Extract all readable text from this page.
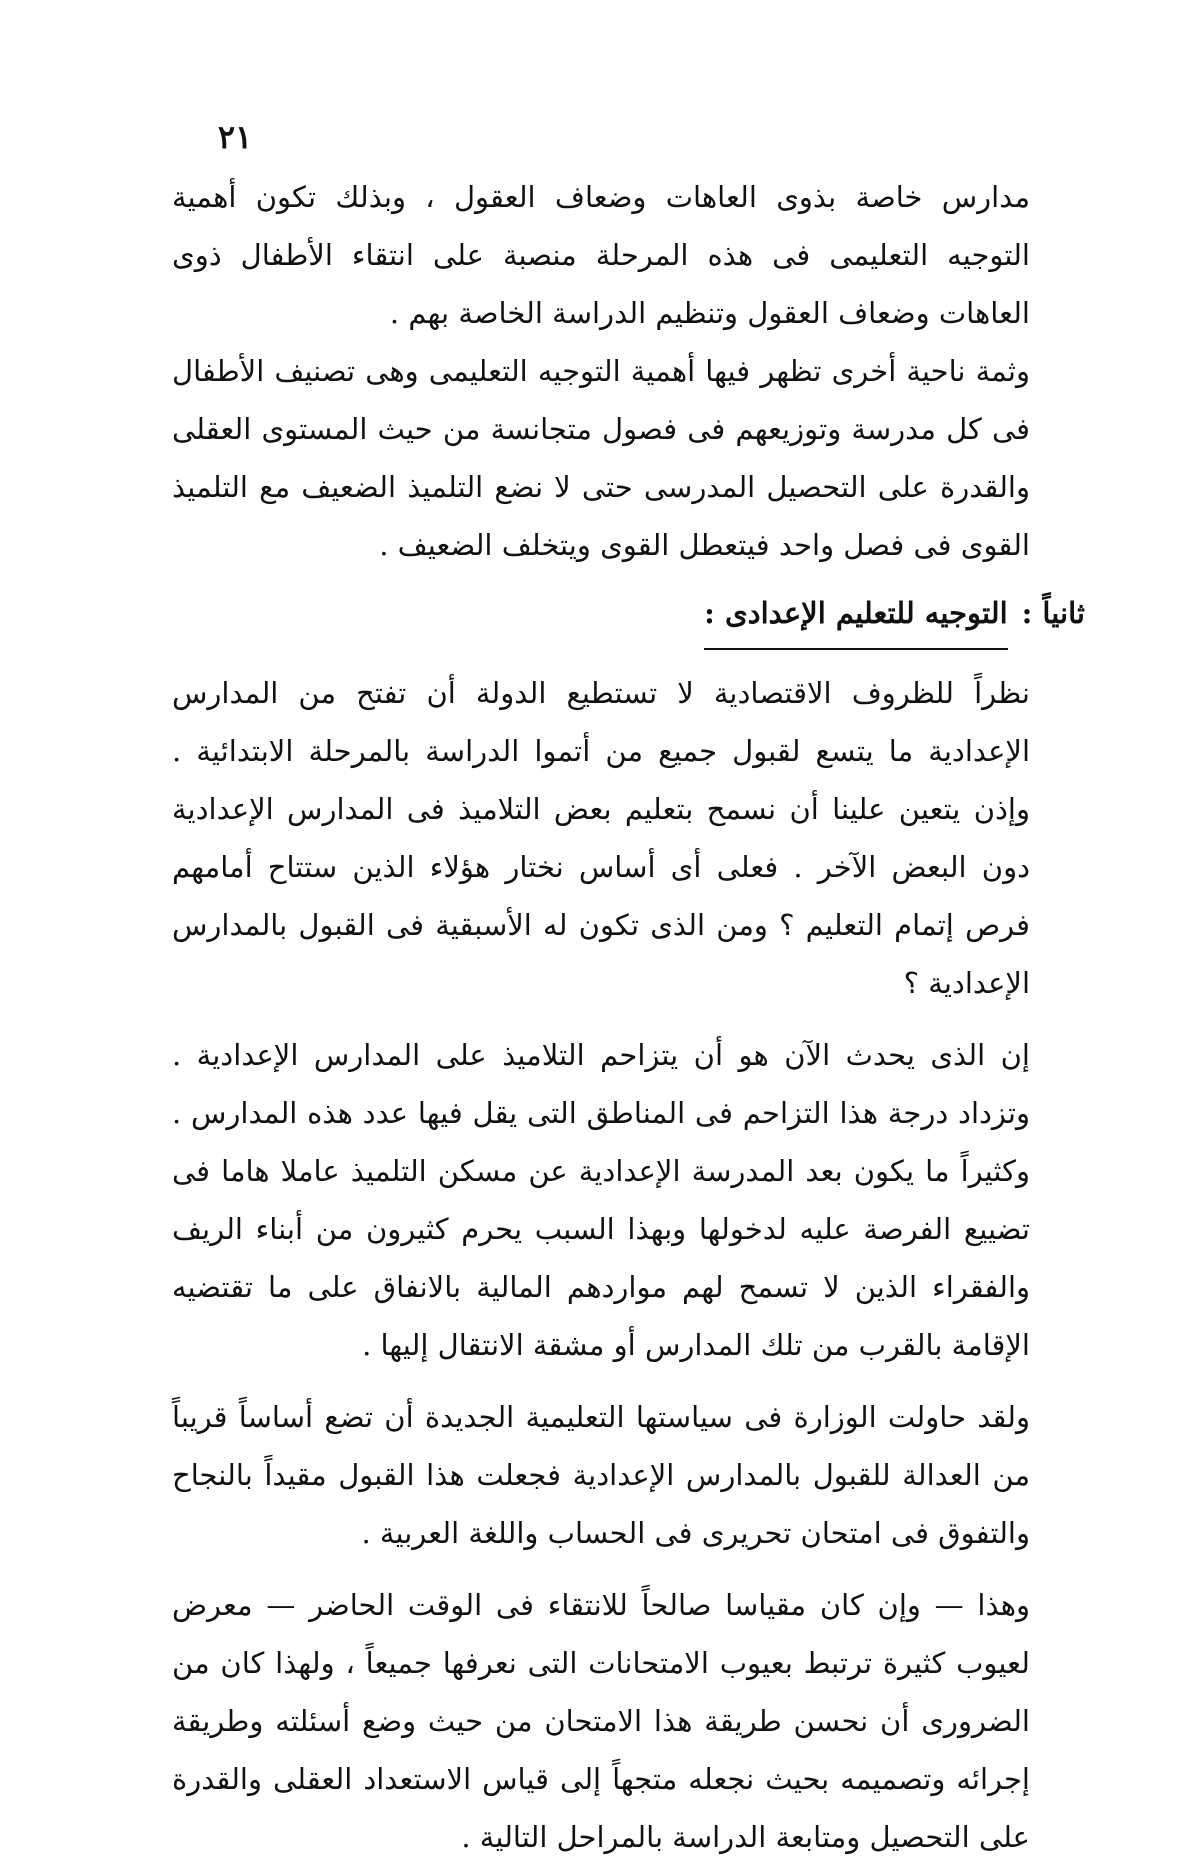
٢١

مدارس خاصة بذوى العاهات وضعاف العقول ، وبذلك تكون أهمية التوجيه التعليمى فى هذه المرحلة منصبة على انتقاء الأطفال ذوى العاهات وضعاف العقول وتنظيم الدراسة الخاصة بهم .

وثمة ناحية أخرى تظهر فيها أهمية التوجيه التعليمى وهى تصنيف الأطفال فى كل مدرسة وتوزيعهم فى فصول متجانسة من حيث المستوى العقلى والقدرة على التحصيل المدرسى حتى لا نضع التلميذ الضعيف مع التلميذ القوى فى فصل واحد فيتعطل القوى ويتخلف الضعيف .

ثانياً :
التوجيه للتعليم الإعدادى :

نظراً للظروف الاقتصادية لا تستطيع الدولة أن تفتح من المدارس الإعدادية ما يتسع لقبول جميع من أتموا الدراسة بالمرحلة الابتدائية . وإذن يتعين علينا أن نسمح بتعليم بعض التلاميذ فى المدارس الإعدادية دون البعض الآخر . فعلى أى أساس نختار هؤلاء الذين ستتاح أمامهم فرص إتمام التعليم ؟ ومن الذى تكون له الأسبقية فى القبول بالمدارس الإعدادية ؟

إن الذى يحدث الآن هو أن يتزاحم التلاميذ على المدارس الإعدادية . وتزداد درجة هذا التزاحم فى المناطق التى يقل فيها عدد هذه المدارس . وكثيراً ما يكون بعد المدرسة الإعدادية عن مسكن التلميذ عاملا هاما فى تضييع الفرصة عليه لدخولها وبهذا السبب يحرم كثيرون من أبناء الريف والفقراء الذين لا تسمح لهم مواردهم المالية بالانفاق على ما تقتضيه الإقامة بالقرب من تلك المدارس أو مشقة الانتقال إليها .

ولقد حاولت الوزارة فى سياستها التعليمية الجديدة أن تضع أساساً قريباً من العدالة للقبول بالمدارس الإعدادية فجعلت هذا القبول مقيداً بالنجاح والتفوق فى امتحان تحريرى فى الحساب واللغة العربية .

وهذا — وإن كان مقياسا صالحاً للانتقاء فى الوقت الحاضر — معرض لعيوب كثيرة ترتبط بعيوب الامتحانات التى نعرفها جميعاً ، ولهذا كان من الضرورى أن نحسن طريقة هذا الامتحان من حيث وضع أسئلته وطريقة إجرائه وتصميمه بحيث نجعله متجهاً إلى قياس الاستعداد العقلى والقدرة على التحصيل ومتابعة الدراسة بالمراحل التالية .
